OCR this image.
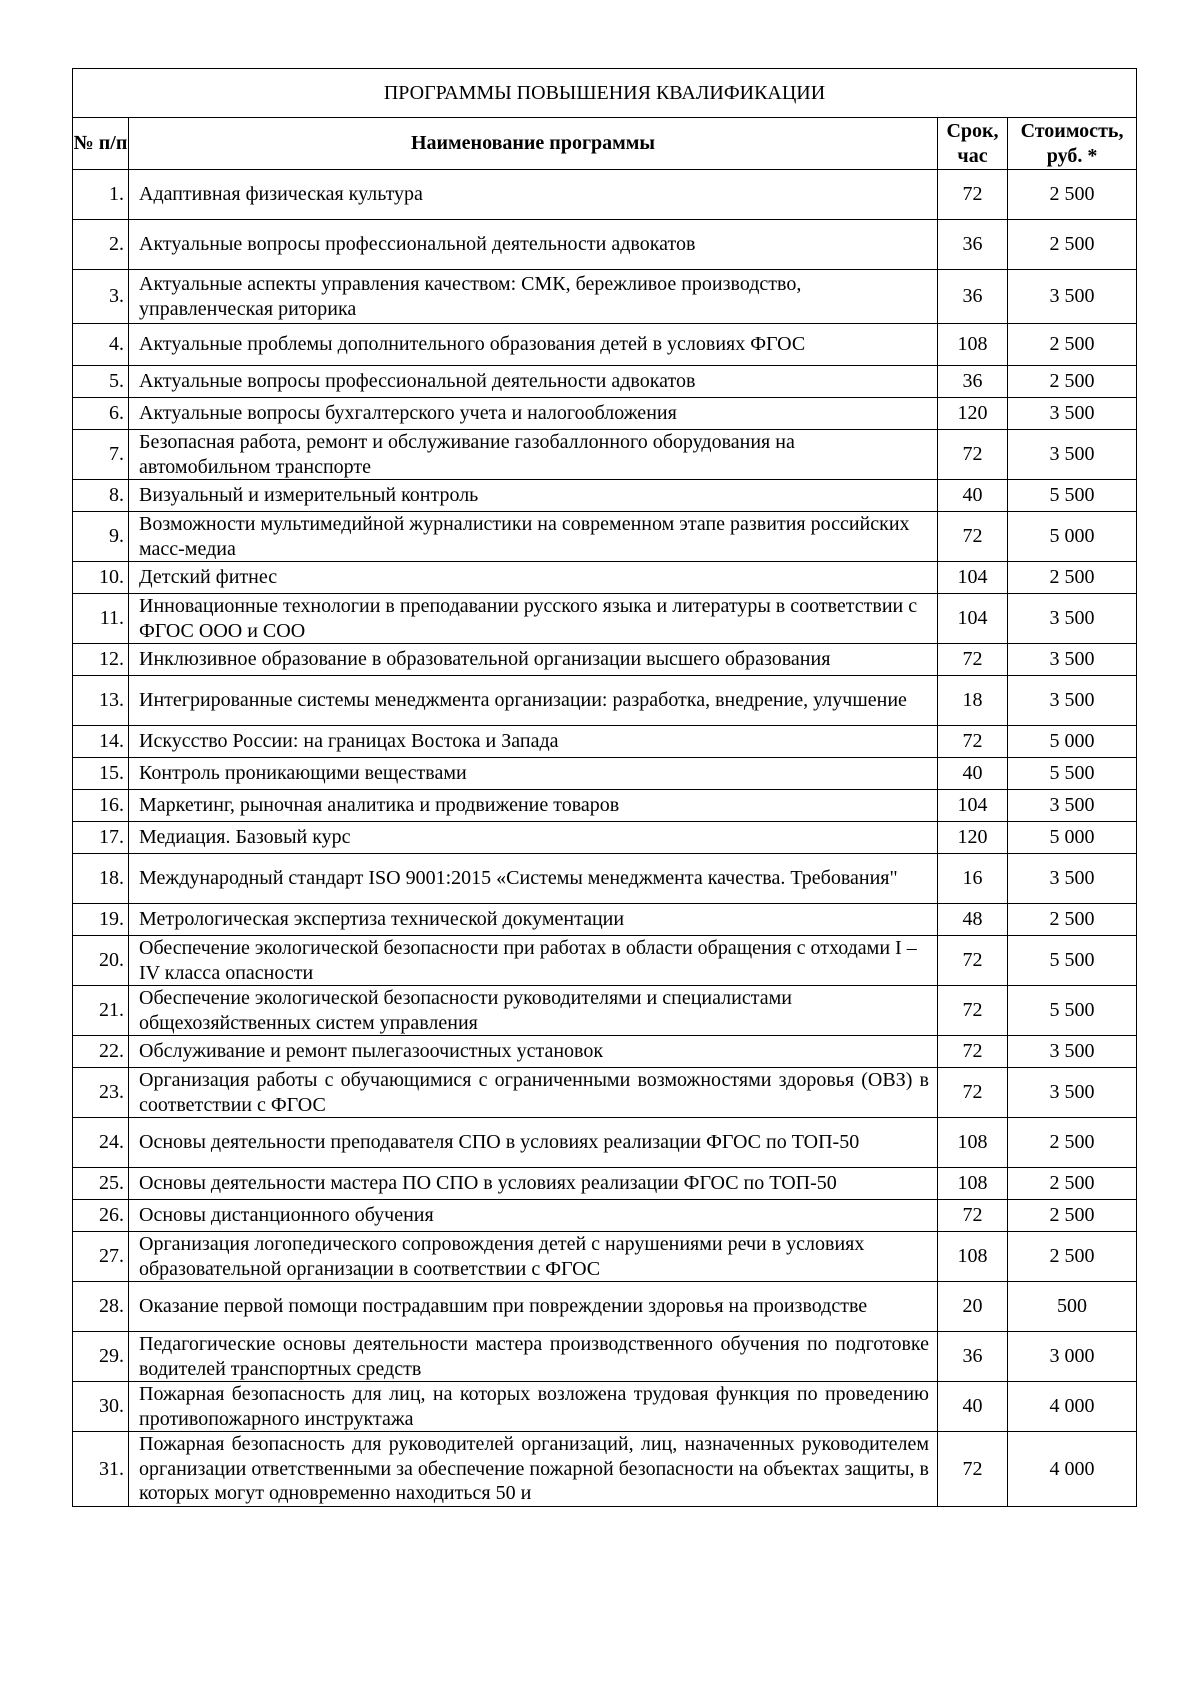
ПРОГРАММЫ ПОВЫШЕНИЯ КВАЛИФИКАЦИИ			
№ п/п	Наименование программы	Срок, час	Стоимость, руб. *
1.	Адаптивная физическая культура	72	2 500
2.	Актуальные вопросы профессиональной деятельности адвокатов	36	2 500
3.	Актуальные аспекты управления качеством: СМК, бережливое производство, управленческая риторика	36	3 500
4.	Актуальные проблемы дополнительного образования детей в условиях ФГОС	108	2 500
5.	Актуальные вопросы профессиональной деятельности адвокатов	36	2 500
6.	Актуальные вопросы бухгалтерского учета и налогообложения	120	3 500
7.	Безопасная работа, ремонт и обслуживание газобаллонного оборудования на автомобильном транспорте	72	3 500
8.	Визуальный и измерительный контроль	40	5 500
9.	Возможности мультимедийной журналистики на современном этапе развития российских масс-медиа	72	5 000
10.	Детский фитнес	104	2 500
11.	Инновационные технологии в преподавании русского языка и литературы в соответствии с ФГОС ООО и СОО	104	3 500
12.	Инклюзивное образование в образовательной организации высшего образования	72	3 500
13.	Интегрированные системы менеджмента организации: разработка, внедрение, улучшение	18	3 500
14.	Искусство России: на границах Востока и Запада	72	5 000
15.	Контроль проникающими веществами	40	5 500
16.	Маркетинг, рыночная аналитика и продвижение товаров	104	3 500
17.	Медиация. Базовый курс	120	5 000
18.	Международный стандарт ISO 9001:2015 «Системы менеджмента качества. Требования"	16	3 500
19.	Метрологическая экспертиза технической документации	48	2 500
20.	Обеспечение экологической безопасности при работах в области обращения с отходами I – IV класса опасности	72	5 500
21.	Обеспечение экологической безопасности руководителями и специалистами общехозяйственных систем управления	72	5 500
22.	Обслуживание и ремонт пылегазоочистных установок	72	3 500
23.	Организация работы с обучающимися с ограниченными возможностями здоровья (ОВЗ) в соответствии с ФГОС	72	3 500
24.	Основы деятельности преподавателя СПО в условиях реализации ФГОС по ТОП-50	108	2 500
25.	Основы деятельности мастера ПО СПО в условиях реализации ФГОС по ТОП-50	108	2 500
26.	Основы дистанционного обучения	72	2 500
27.	Организация логопедического сопровождения детей с нарушениями речи в условиях образовательной организации в соответствии с ФГОС	108	2 500
28.	Оказание первой помощи пострадавшим при повреждении здоровья на производстве	20	500
29.	Педагогические основы деятельности мастера производственного обучения по подготовке водителей транспортных средств	36	3 000
30.	Пожарная безопасность для лиц, на которых возложена трудовая функция по проведению противопожарного инструктажа	40	4 000
31.	Пожарная безопасность для руководителей организаций, лиц, назначенных руководителем организации ответственными за обеспечение пожарной безопасности на объектах защиты, в которых могут одновременно находиться 50 и	72	4 000
